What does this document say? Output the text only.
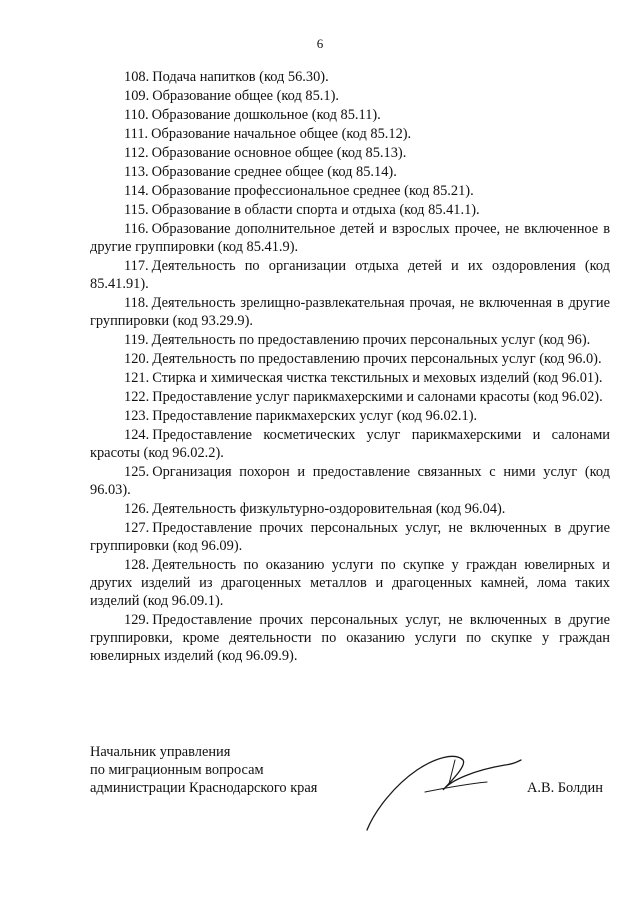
6

108. Подача напитков (код 56.30).

109. Образование общее (код 85.1).

110. Образование дошкольное (код 85.11).

111. Образование начальное общее (код 85.12).

112. Образование основное общее (код 85.13).

113. Образование среднее общее (код 85.14).

114. Образование профессиональное среднее (код 85.21).

115. Образование в области спорта и отдыха (код 85.41.1).

116. Образование дополнительное детей и взрослых прочее, не включенное в другие группировки (код 85.41.9).

117. Деятельность по организации отдыха детей и их оздоровления (код 85.41.91).

118. Деятельность зрелищно-развлекательная прочая, не включенная в другие группировки (код 93.29.9).

119. Деятельность по предоставлению прочих персональных услуг (код 96).

120. Деятельность по предоставлению прочих персональных услуг (код 96.0).

121. Стирка и химическая чистка текстильных и меховых изделий (код 96.01).

122. Предоставление услуг парикмахерскими и салонами красоты (код 96.02).

123. Предоставление парикмахерских услуг (код 96.02.1).

124. Предоставление косметических услуг парикмахерскими и салонами красоты (код 96.02.2).

125. Организация похорон и предоставление связанных с ними услуг (код 96.03).

126. Деятельность физкультурно-оздоровительная (код 96.04).

127. Предоставление прочих персональных услуг, не включенных в другие группировки (код 96.09).

128. Деятельность по оказанию услуги по скупке у граждан ювелирных и других изделий из драгоценных металлов и драгоценных камней, лома таких изделий (код 96.09.1).

129. Предоставление прочих персональных услуг, не включенных в другие группировки, кроме деятельности по оказанию услуги по скупке у граждан ювелирных изделий (код 96.09.9).

Начальник управления
по миграционным вопросам
администрации Краснодарского края	А.В. Болдин
